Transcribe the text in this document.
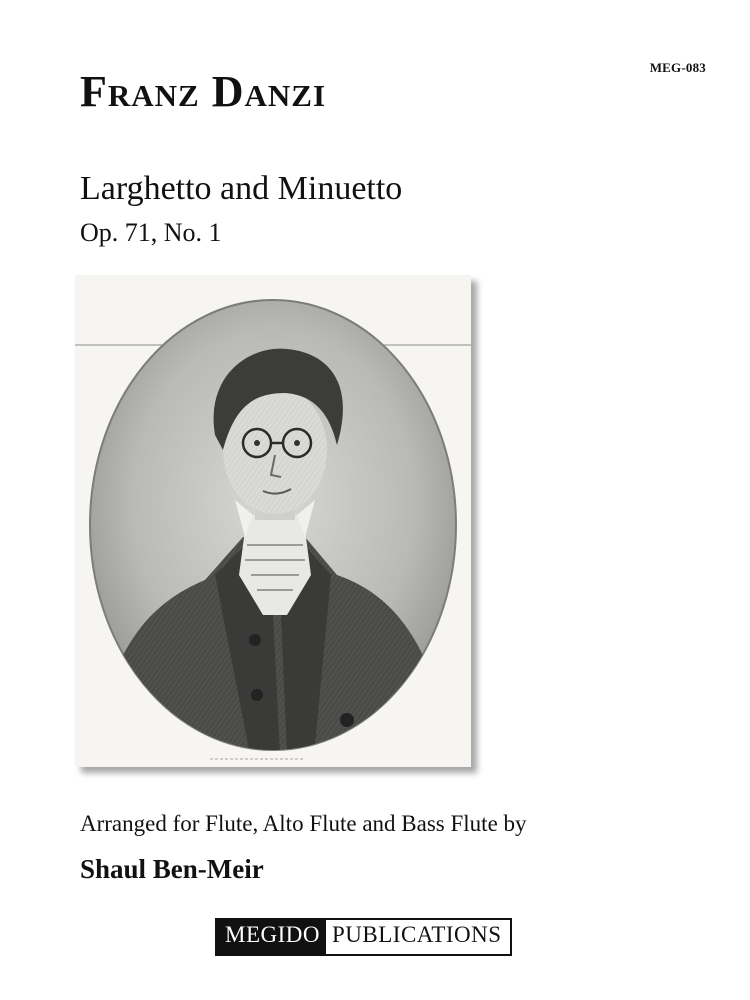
MEG-083
Franz Danzi
Larghetto and Minuetto
Op. 71, No. 1
Arranged for Flute, Alto Flute and Bass Flute by
Shaul Ben-Meir
MEGIDO PUBLICATIONS
